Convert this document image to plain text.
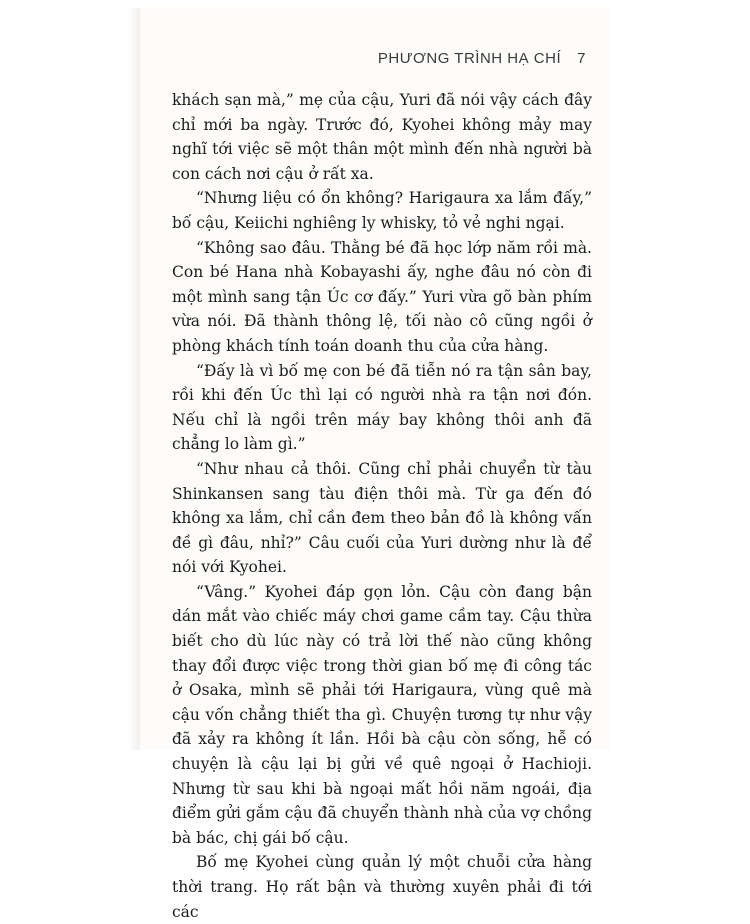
PHƯƠNG TRÌNH HẠ CHÍ 7

khách sạn mà,” mẹ của cậu, Yuri đã nói vậy cách đây chỉ mới ba ngày. Trước đó, Kyohei không mảy may nghĩ tới việc sẽ một thân một mình đến nhà người bà con cách nơi cậu ở rất xa.

“Nhưng liệu có ổn không? Harigaura xa lắm đấy,” bố cậu, Keiichi nghiêng ly whisky, tỏ vẻ nghi ngại.

“Không sao đâu. Thằng bé đã học lớp năm rồi mà. Con bé Hana nhà Kobayashi ấy, nghe đâu nó còn đi một mình sang tận Úc cơ đấy.” Yuri vừa gõ bàn phím vừa nói. Đã thành thông lệ, tối nào cô cũng ngồi ở phòng khách tính toán doanh thu của cửa hàng.

“Đấy là vì bố mẹ con bé đã tiễn nó ra tận sân bay, rồi khi đến Úc thì lại có người nhà ra tận nơi đón. Nếu chỉ là ngồi trên máy bay không thôi anh đã chẳng lo làm gì.”

“Như nhau cả thôi. Cũng chỉ phải chuyển từ tàu Shinkansen sang tàu điện thôi mà. Từ ga đến đó không xa lắm, chỉ cần đem theo bản đồ là không vấn đề gì đâu, nhỉ?” Câu cuối của Yuri dường như là để nói với Kyohei.

“Vâng.” Kyohei đáp gọn lỏn. Cậu còn đang bận dán mắt vào chiếc máy chơi game cầm tay. Cậu thừa biết cho dù lúc này có trả lời thế nào cũng không thay đổi được việc trong thời gian bố mẹ đi công tác ở Osaka, mình sẽ phải tới Harigaura, vùng quê mà cậu vốn chẳng thiết tha gì. Chuyện tương tự như vậy đã xảy ra không ít lần. Hồi bà cậu còn sống, hễ có chuyện là cậu lại bị gửi về quê ngoại ở Hachioji. Nhưng từ sau khi bà ngoại mất hồi năm ngoái, địa điểm gửi gắm cậu đã chuyển thành nhà của vợ chồng bà bác, chị gái bố cậu.

Bố mẹ Kyohei cùng quản lý một chuỗi cửa hàng thời trang. Họ rất bận và thường xuyên phải đi tới các
